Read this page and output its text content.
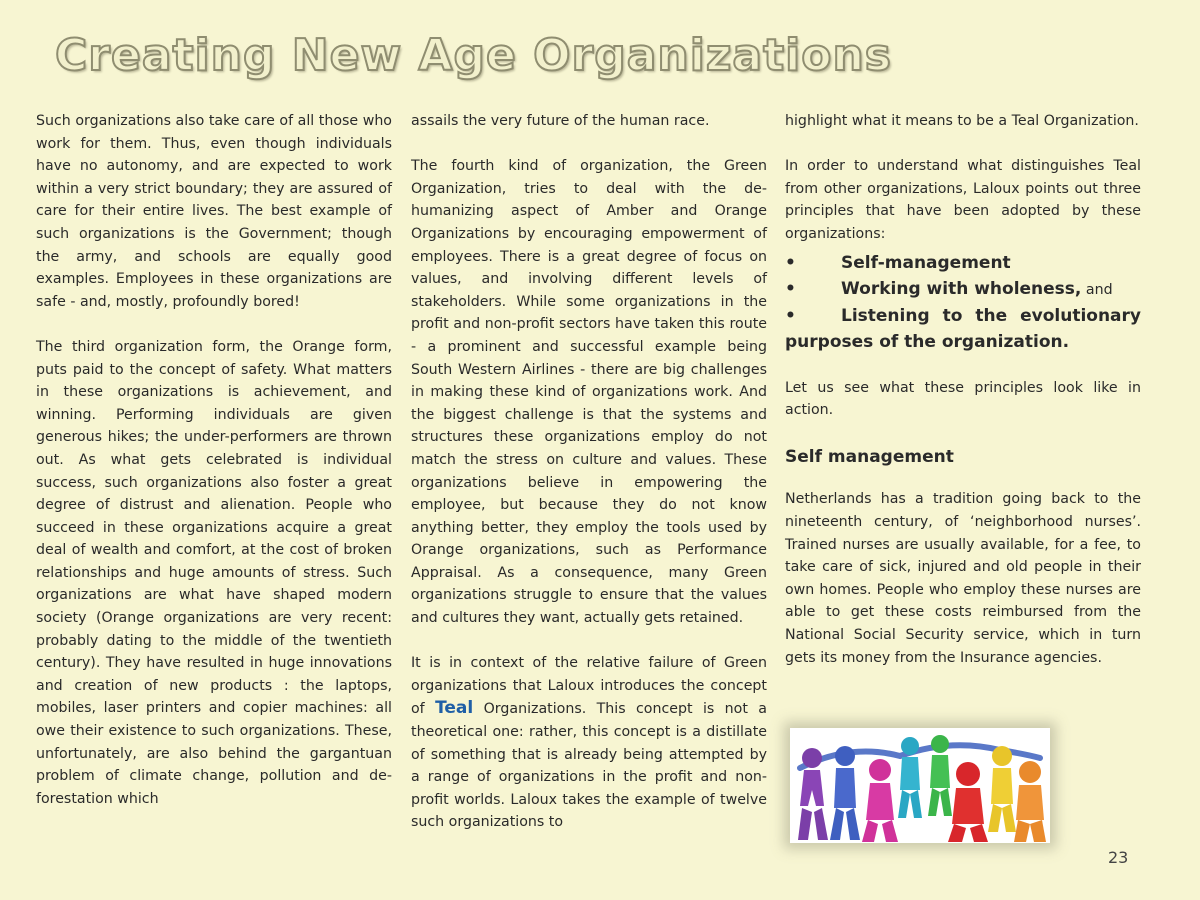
Creating New Age Organizations

Such organizations also take care of all those who work for them. Thus, even though individuals have no autonomy, and are expected to work within a very strict boundary; they are assured of care for their entire lives. The best example of such organizations is the Government; though the army, and schools are equally good examples. Employees in these organizations are safe - and, mostly, profoundly bored!

The third organization form, the Orange form, puts paid to the concept of safety. What matters in these organizations is achievement, and winning. Performing individuals are given generous hikes; the under-performers are thrown out. As what gets celebrated is individual success, such organizations also foster a great degree of distrust and alienation. People who succeed in these organizations acquire a great deal of wealth and comfort, at the cost of broken relationships and huge amounts of stress. Such organizations are what have shaped modern society (Orange organizations are very recent: probably dating to the middle of the twentieth century). They have resulted in huge innovations and creation of new products : the laptops, mobiles, laser printers and copier machines: all owe their existence to such organizations. These, unfortunately, are also behind the gargantuan problem of climate change, pollution and de-forestation which

assails the very future of the human race.

The fourth kind of organization, the Green Organization, tries to deal with the de-humanizing aspect of Amber and Orange Organizations by encouraging empowerment of employees. There is a great degree of focus on values, and involving different levels of stakeholders. While some organizations in the profit and non-profit sectors have taken this route - a prominent and successful example being South Western Airlines - there are big challenges in making these kind of organizations work. And the biggest challenge is that the systems and structures these organizations employ do not match the stress on culture and values. These organizations believe in empowering the employee, but because they do not know anything better, they employ the tools used by Orange organizations, such as Performance Appraisal. As a consequence, many Green organizations struggle to ensure that the values and cultures they want, actually gets retained.

It is in context of the relative failure of Green organizations that Laloux introduces the concept of Teal Organizations. This concept is not a theoretical one: rather, this concept is a distillate of something that is already being attempted by a range of organizations in the profit and non-profit worlds. Laloux takes the example of twelve such organizations to

highlight what it means to be a Teal Organization.

In order to understand what distinguishes Teal from other organizations, Laloux points out three principles that have been adopted by these organizations:

• Self-management
• Working with wholeness, and
• Listening to the evolutionary
purposes of the organization.

Let us see what these principles look like in action.

Self management

Netherlands has a tradition going back to the nineteenth century, of ‘neighborhood nurses’. Trained nurses are usually available, for a fee, to take care of sick, injured and old people in their own homes. People who employ these nurses are able to get these costs reimbursed from the National Social Security service, which in turn gets its money from the Insurance agencies.

23
